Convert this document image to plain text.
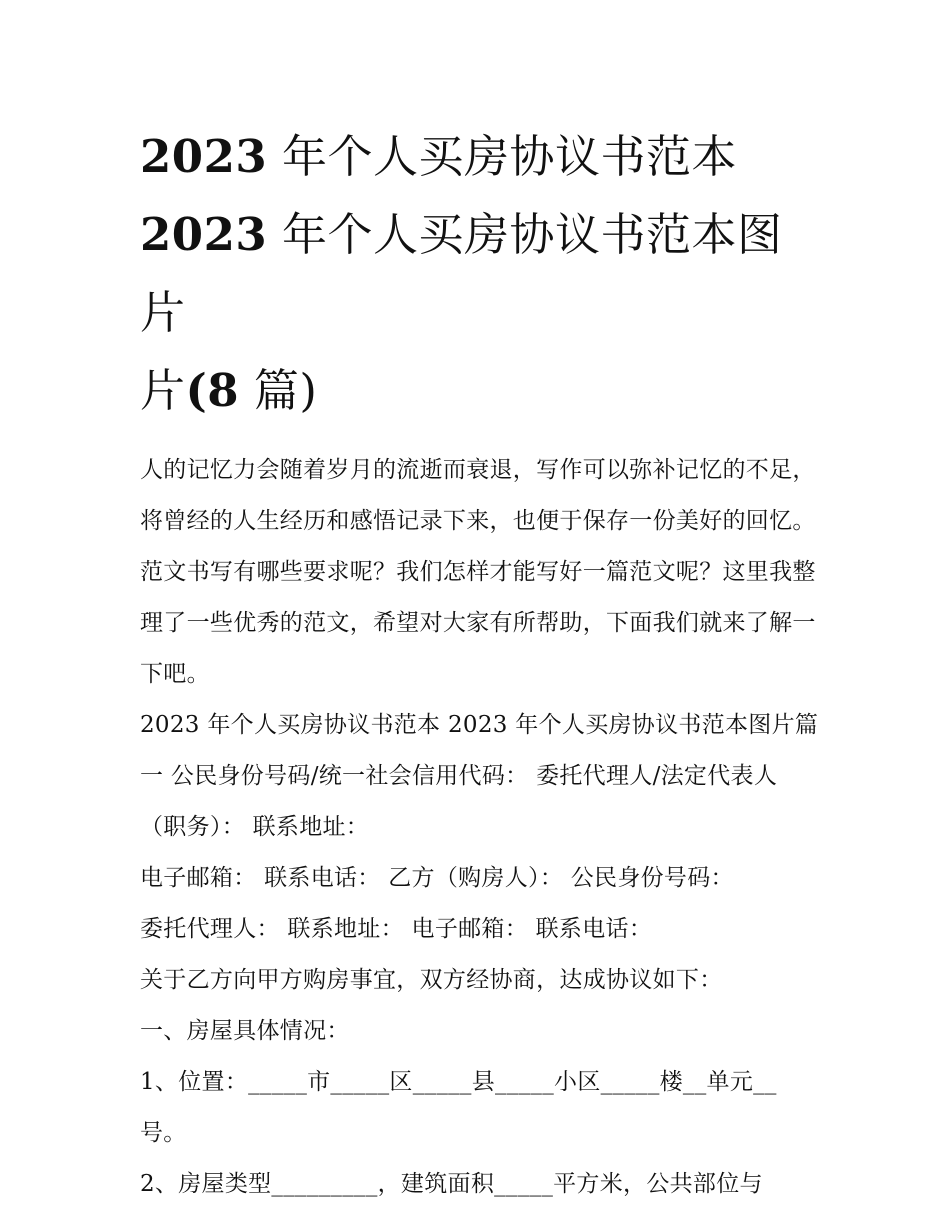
2023 年个人买房协议书范本
2023 年个人买房协议书范本图片
片(8 篇)

人的记忆力会随着岁月的流逝而衰退，写作可以弥补记忆的不足，将曾经的人生经历和感悟记录下来，也便于保存一份美好的回忆。范文书写有哪些要求呢？我们怎样才能写好一篇范文呢？这里我整理了一些优秀的范文，希望对大家有所帮助，下面我们就来了解一下吧。

2023 年个人买房协议书范本 2023 年个人买房协议书范本图片篇一 公民身份号码/统一社会信用代码： 委托代理人/法定代表人（职务）： 联系地址：

电子邮箱： 联系电话： 乙方（购房人）： 公民身份号码：

委托代理人： 联系地址： 电子邮箱： 联系电话：

关于乙方向甲方购房事宜，双方经协商，达成协议如下：

一、房屋具体情况：

1、位置：_____市_____区_____县_____小区_____楼__单元__号。

2、房屋类型_________，建筑面积_____平方米，公共部位与
